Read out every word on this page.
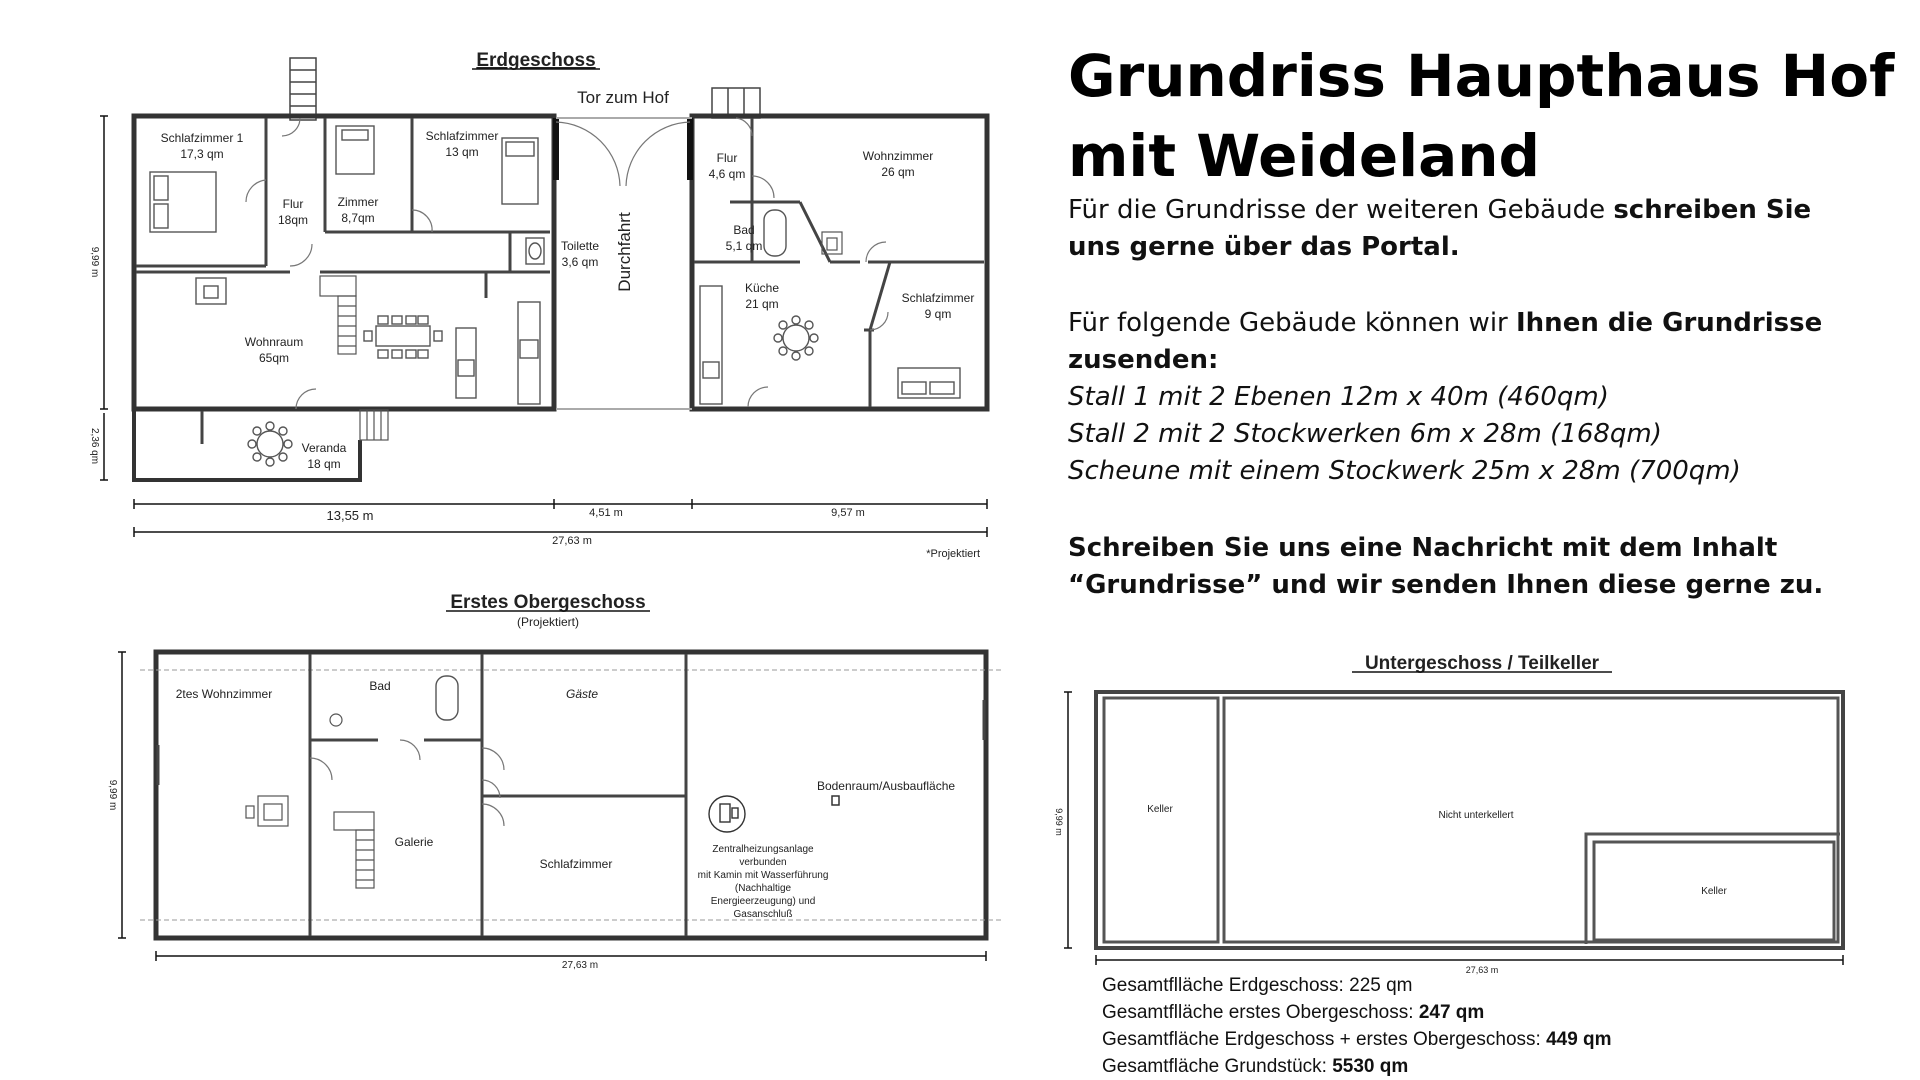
Grundriss Haupthaus Hof
mit Weideland
Für die Grundrisse der weiteren Gebäude schreiben Sie uns gerne über das Portal.
Für folgende Gebäude können wir Ihnen die Grundrisse zusenden:
Stall 1 mit 2 Ebenen 12m x 40m (460qm)
Stall 2 mit 2 Stockwerken 6m x 28m (168qm)
Scheune mit einem Stockwerk 25m x 28m (700qm)
Schreiben Sie uns eine Nachricht mit dem Inhalt “Grundrisse” und wir senden Ihnen diese gerne zu.
Gesamtflläche Erdgeschoss: 225 qm
Gesamtflläche erstes Obergeschoss: 247 qm
Gesamtfläche Erdgeschoss + erstes Obergeschoss: 449 qm
Gesamtfläche Grundstück: 5530 qm
Erdgeschoss
Tor zum Hof
Durchfahrt
Schlafzimmer 1
17,3 qm
Flur
18qm
Zimmer
8,7qm
Schlafzimmer
13 qm
Toilette
3,6 qm
Flur
4,6 qm
Wohnzimmer
26 qm
Bad
5,1 qm
Küche
21 qm	Schlafzimmer
9 qm
Wohnraum
65qm
Veranda
18 qm
9,99 m
2,36 qm
13,55 m	4,51 m	9,57 m
27,63 m
*Projektiert
Erstes Obergeschoss
(Projektiert)
2tes Wohnzimmer
Bad
Gäste
Bodenraum/Ausbaufläche
Galerie
Schlafzimmer
Zentralheizungsanlage
verbunden
mit Kamin mit Wasserführung
(Nachhaltige
Energieerzeugung) und
Gasanschluß
9,99 m
27,63 m
Untergeschoss / Teilkeller
Keller
Nicht unterkellert
Keller
9,99 m
27,63 m
